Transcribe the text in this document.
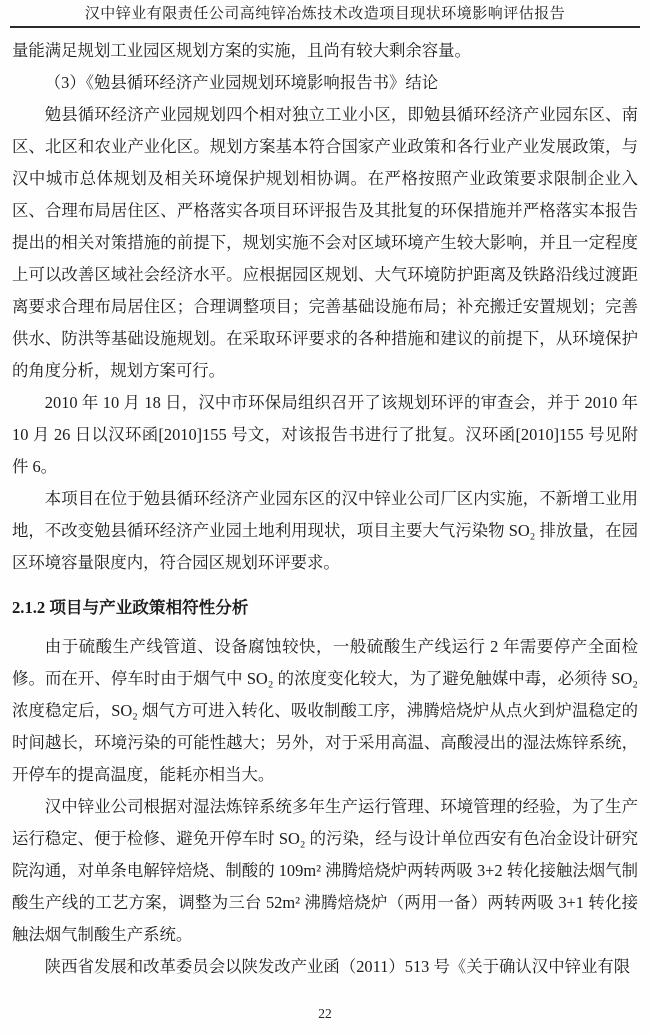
汉中锌业有限责任公司高纯锌冶炼技术改造项目现状环境影响评估报告

量能满足规划工业园区规划方案的实施，且尚有较大剩余容量。

（3）《勉县循环经济产业园规划环境影响报告书》结论

勉县循环经济产业园规划四个相对独立工业小区，即勉县循环经济产业园东区、南区、北区和农业产业化区。规划方案基本符合国家产业政策和各行业产业发展政策，与汉中城市总体规划及相关环境保护规划相协调。在严格按照产业政策要求限制企业入区、合理布局居住区、严格落实各项目环评报告及其批复的环保措施并严格落实本报告提出的相关对策措施的前提下，规划实施不会对区域环境产生较大影响，并且一定程度上可以改善区域社会经济水平。应根据园区规划、大气环境防护距离及铁路沿线过渡距离要求合理布局居住区；合理调整项目；完善基础设施布局；补充搬迁安置规划；完善供水、防洪等基础设施规划。在采取环评要求的各种措施和建议的前提下，从环境保护的角度分析，规划方案可行。

2010 年 10 月 18 日，汉中市环保局组织召开了该规划环评的审查会，并于 2010 年 10 月 26 日以汉环函[2010]155 号文，对该报告书进行了批复。汉环函[2010]155 号见附件 6。

本项目在位于勉县循环经济产业园东区的汉中锌业公司厂区内实施，不新增工业用地，不改变勉县循环经济产业园土地利用现状，项目主要大气污染物 SO₂ 排放量，在园区环境容量限度内，符合园区规划环评要求。

2.1.2 项目与产业政策相符性分析

由于硫酸生产线管道、设备腐蚀较快，一般硫酸生产线运行 2 年需要停产全面检修。而在开、停车时由于烟气中 SO₂ 的浓度变化较大，为了避免触媒中毒，必须待 SO₂ 浓度稳定后，SO₂ 烟气方可进入转化、吸收制酸工序，沸腾焙烧炉从点火到炉温稳定的时间越长，环境污染的可能性越大；另外，对于采用高温、高酸浸出的湿法炼锌系统，开停车的提高温度，能耗亦相当大。

汉中锌业公司根据对湿法炼锌系统多年生产运行管理、环境管理的经验，为了生产运行稳定、便于检修、避免开停车时 SO₂ 的污染，经与设计单位西安有色冶金设计研究院沟通，对单条电解锌焙烧、制酸的 109m² 沸腾焙烧炉两转两吸 3+2 转化接触法烟气制酸生产线的工艺方案，调整为三台 52m² 沸腾焙烧炉（两用一备）两转两吸 3+1 转化接触法烟气制酸生产系统。

陕西省发展和改革委员会以陕发改产业函（2011）513 号《关于确认汉中锌业有限

22
